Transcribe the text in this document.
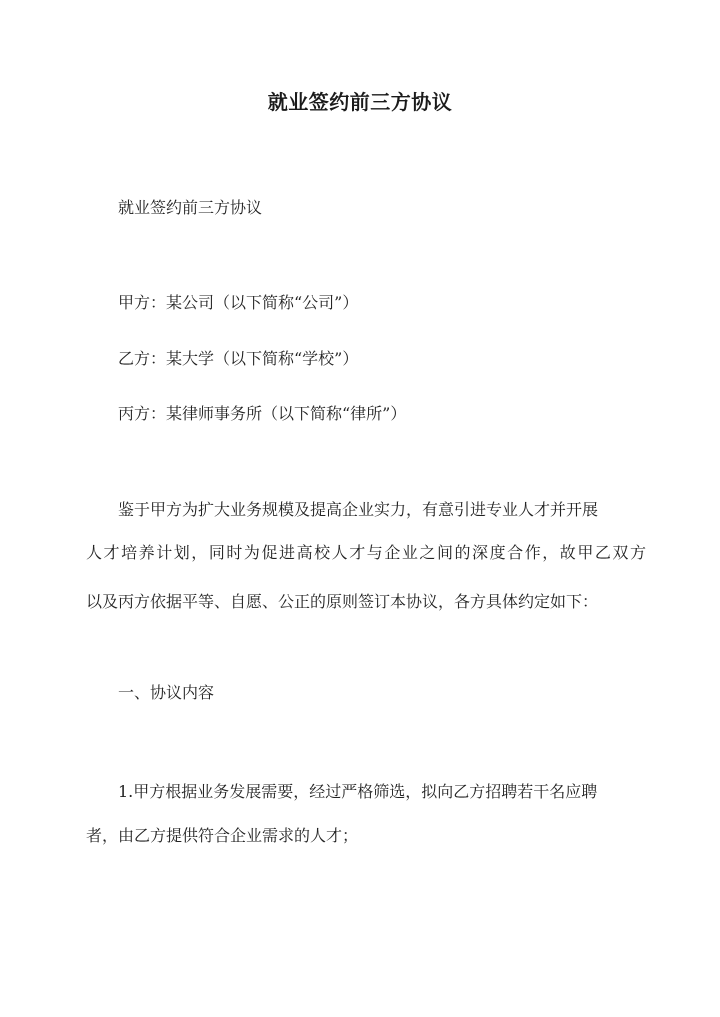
就业签约前三方协议
就业签约前三方协议
甲方：某公司（以下简称“公司”）
乙方：某大学（以下简称“学校”）
丙方：某律师事务所（以下简称“律所”）
鉴于甲方为扩大业务规模及提高企业实力，有意引进专业人才并开展
人才培养计划，同时为促进高校人才与企业之间的深度合作，故甲乙双方
以及丙方依据平等、自愿、公正的原则签订本协议，各方具体约定如下：
一、协议内容
1.甲方根据业务发展需要，经过严格筛选，拟向乙方招聘若干名应聘
者，由乙方提供符合企业需求的人才；
